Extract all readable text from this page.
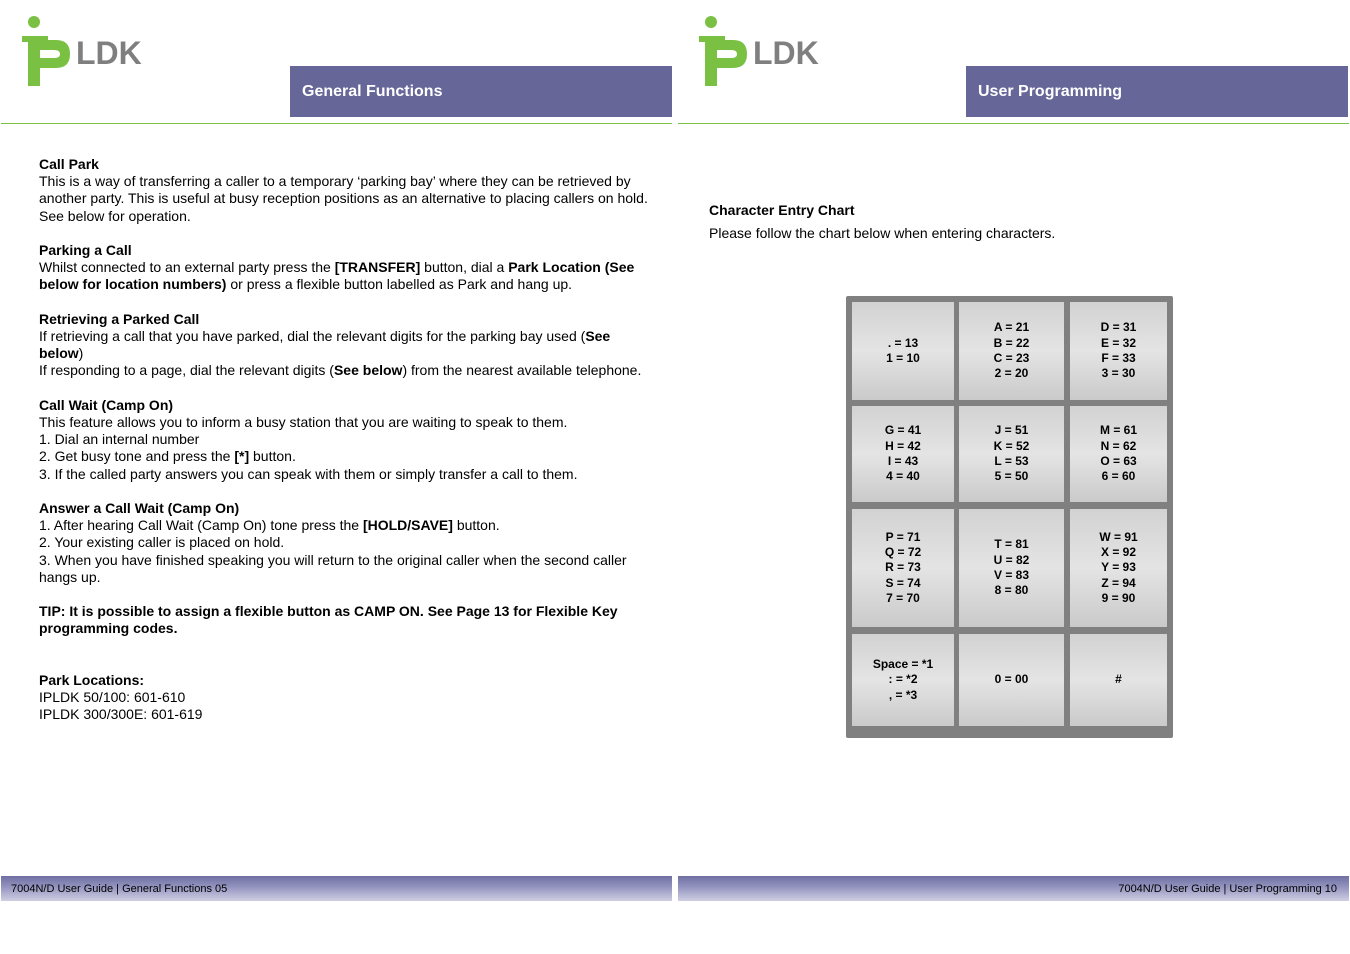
LDK
General Functions

Call Park
This is a way of transferring a caller to a temporary ‘parking bay’ where they can be retrieved by another party. This is useful at busy reception positions as an alternative to placing callers on hold. See below for operation.

Parking a Call
Whilst connected to an external party press the [TRANSFER] button, dial a Park Location (See below for location numbers) or press a flexible button labelled as Park and hang up.

Retrieving a Parked Call
If retrieving a call that you have parked, dial the relevant digits for the parking bay used (See below)
If responding to a page, dial the relevant digits (See below) from the nearest available telephone.

Call Wait (Camp On)
This feature allows you to inform a busy station that you are waiting to speak to them.
1. Dial an internal number
2. Get busy tone and press the [*] button.
3. If the called party answers you can speak with them or simply transfer a call to them.

Answer a Call Wait (Camp On)
1. After hearing Call Wait (Camp On) tone press the [HOLD/SAVE] button.
2. Your existing caller is placed on hold.
3. When you have finished speaking you will return to the original caller when the second caller hangs up.

TIP: It is possible to assign a flexible button as CAMP ON. See Page 13 for Flexible Key programming codes.

Park Locations:
IPLDK 50/100: 601-610
IPLDK 300/300E: 601-619

7004N/D User Guide | General Functions 05
LDK
User Programming
Character Entry Chart
Please follow the chart below when entering characters.
. = 13
1 = 10
A = 21
B = 22
C = 23
2 = 20
D = 31
E = 32
F = 33
3 = 30
G = 41
H = 42
I = 43
4 = 40
J = 51
K = 52
L = 53
5 = 50
M = 61
N = 62
O = 63
6 = 60
P = 71
Q = 72
R = 73
S = 74
7 = 70
T = 81
U = 82
V = 83
8 = 80
W = 91
X = 92
Y = 93
Z = 94
9 = 90
Space = *1
: = *2
, = *3
0 = 00	#
7004N/D User Guide | User Programming 10
